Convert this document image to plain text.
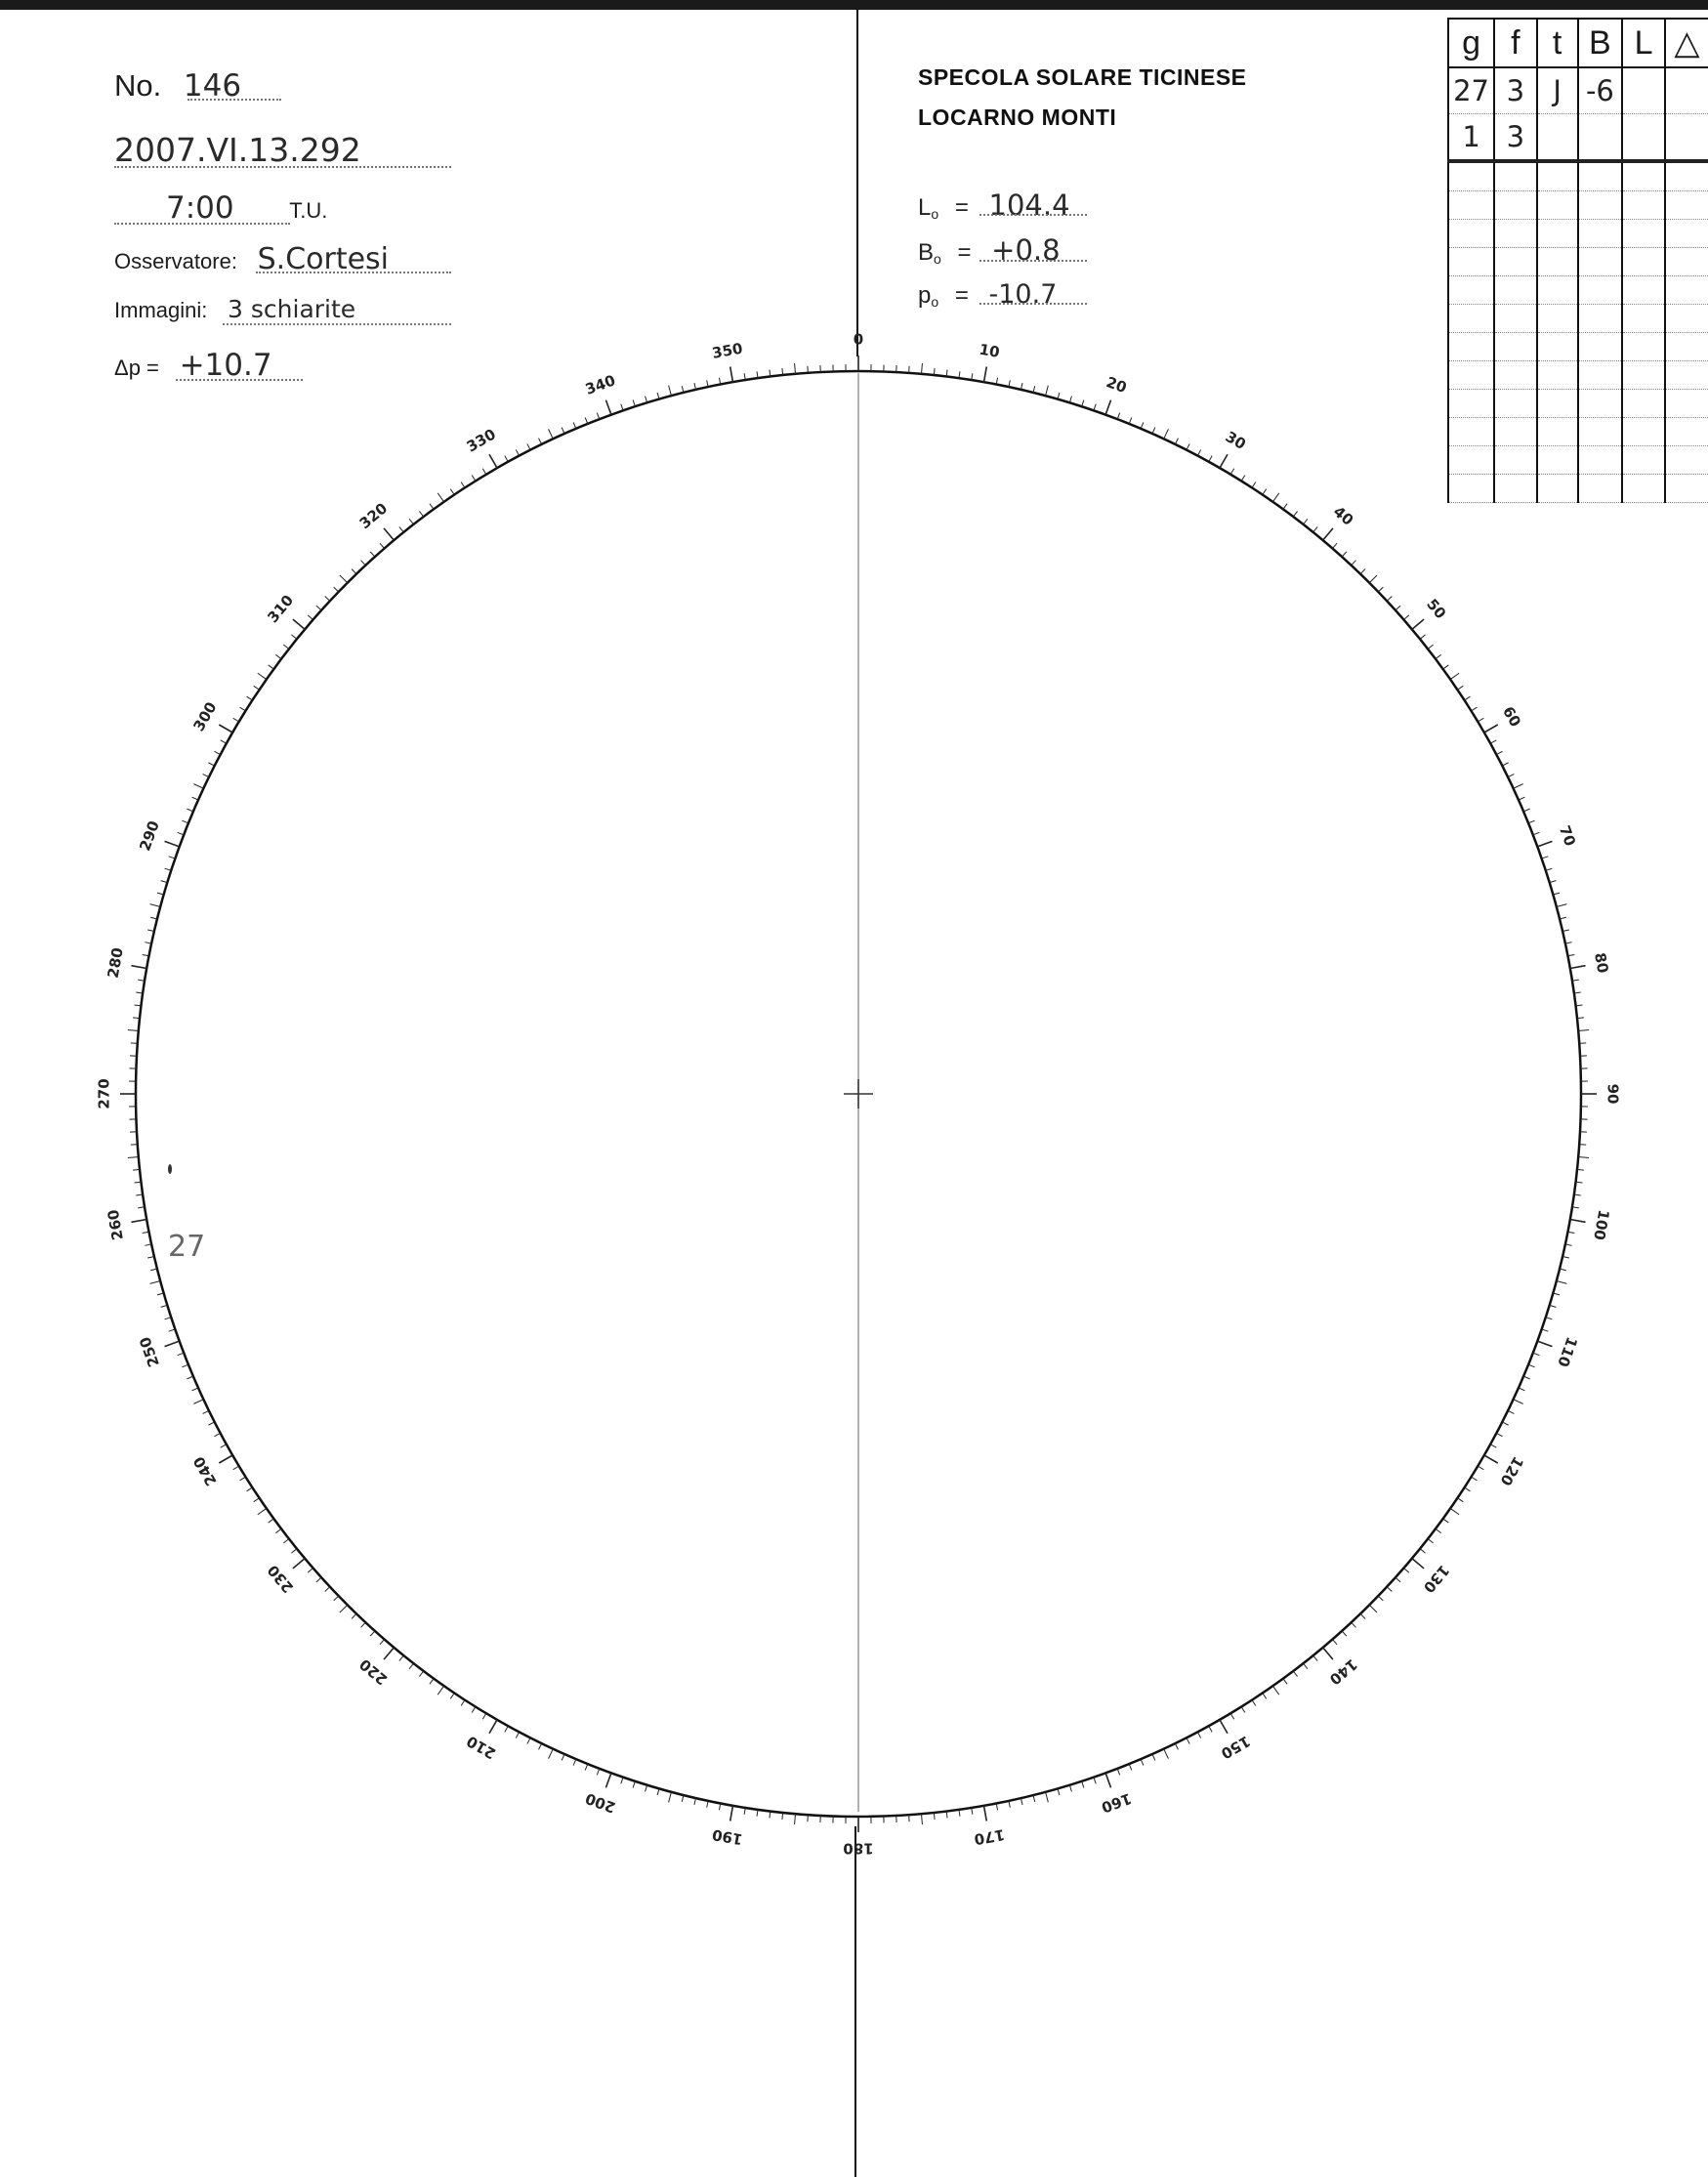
No. 146
2007.VI.13.292
7:00	T.U.
Osservatore: S.Cortesi
Immagini: 3 schiarite
Δp = +10.7
SPECOLA SOLARE TICINESE
LOCARNO MONTI
$L_o = 104.4$
$B_o = +0.8$
$p_o = -10.7$
g	f	t	B	L	△
27	3	J	-6		
1	3				

0
10
20
30
40
50
60
70
80
90
100
110
120
130
140
150
160
170
180
190
200
210
220
230
240
250
260
270
280
290
300
310
320
330
340
350
27
